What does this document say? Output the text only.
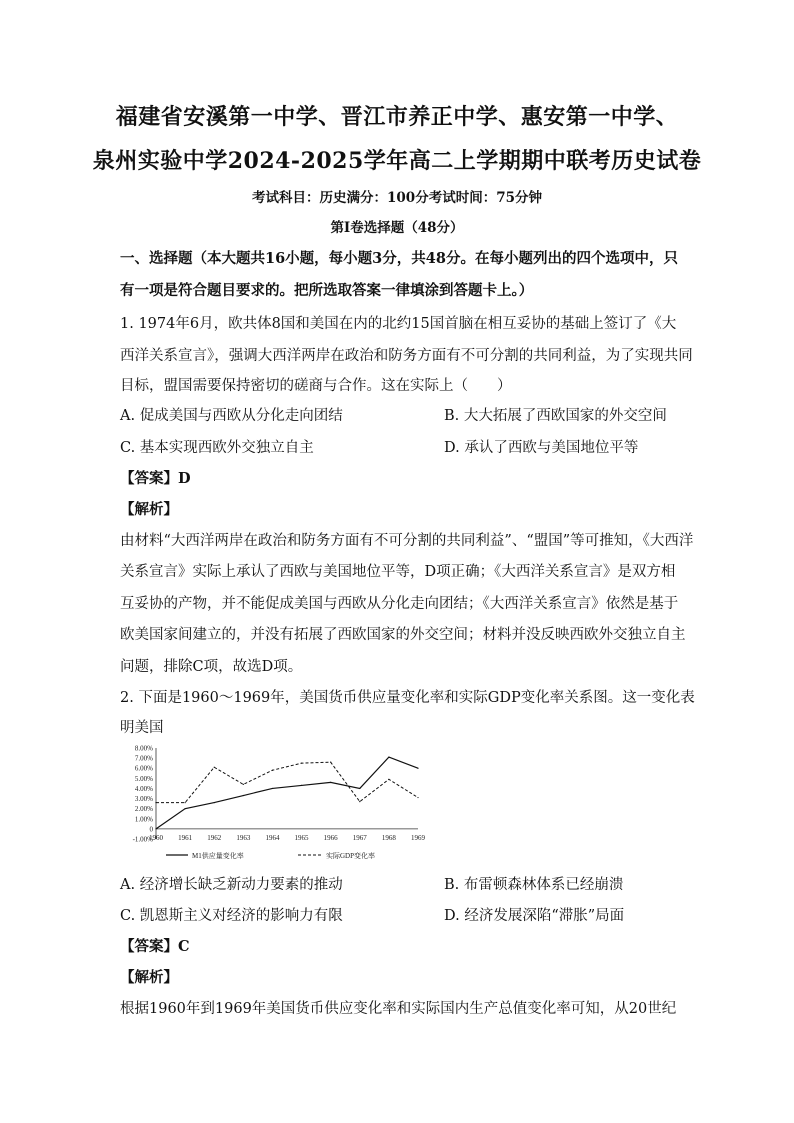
福建省安溪第一中学、晋江市养正中学、惠安第一中学、
泉州实验中学2024-2025学年高二上学期期中联考历史试卷
考试科目：历史满分：100分考试时间：75分钟
第Ⅰ卷选择题（48分）
一、选择题（本大题共16小题，每小题3分，共48分。在每小题列出的四个选项中，只
有一项是符合题目要求的。把所选取答案一律填涂到答题卡上。）
1. 1974年6月，欧共体8国和美国在内的北约15国首脑在相互妥协的基础上签订了《大
西洋关系宣言》，强调大西洋两岸在政治和防务方面有不可分割的共同利益，为了实现共同
目标，盟国需要保持密切的磋商与合作。这在实际上（　　）
A. 促成美国与西欧从分化走向团结	B. 大大拓展了西欧国家的外交空间
C. 基本实现西欧外交独立自主	D. 承认了西欧与美国地位平等
【答案】D
【解析】
由材料“大西洋两岸在政治和防务方面有不可分割的共同利益”、“盟国”等可推知，《大西洋
关系宣言》实际上承认了西欧与美国地位平等，D项正确；《大西洋关系宣言》是双方相
互妥协的产物，并不能促成美国与西欧从分化走向团结；《大西洋关系宣言》依然是基于
欧美国家间建立的，并没有拓展了西欧国家的外交空间；材料并没反映西欧外交独立自主
问题，排除C项，故选D项。
2. 下面是1960～1969年，美国货币供应量变化率和实际GDP变化率关系图。这一变化表
明美国
-1.00%
0
1.00%
2.00%
3.00%
4.00%
5.00%
6.00%
7.00%
8.00%
1960 1961 1962 1963 1964 1965 1966 1967 1968 1969
M1供应量变化率	实际GDP变化率
A. 经济增长缺乏新动力要素的推动	B. 布雷顿森林体系已经崩溃
C. 凯恩斯主义对经济的影响力有限	D. 经济发展深陷“滞胀”局面
【答案】C
【解析】
根据1960年到1969年美国货币供应变化率和实际国内生产总值变化率可知，从20世纪
